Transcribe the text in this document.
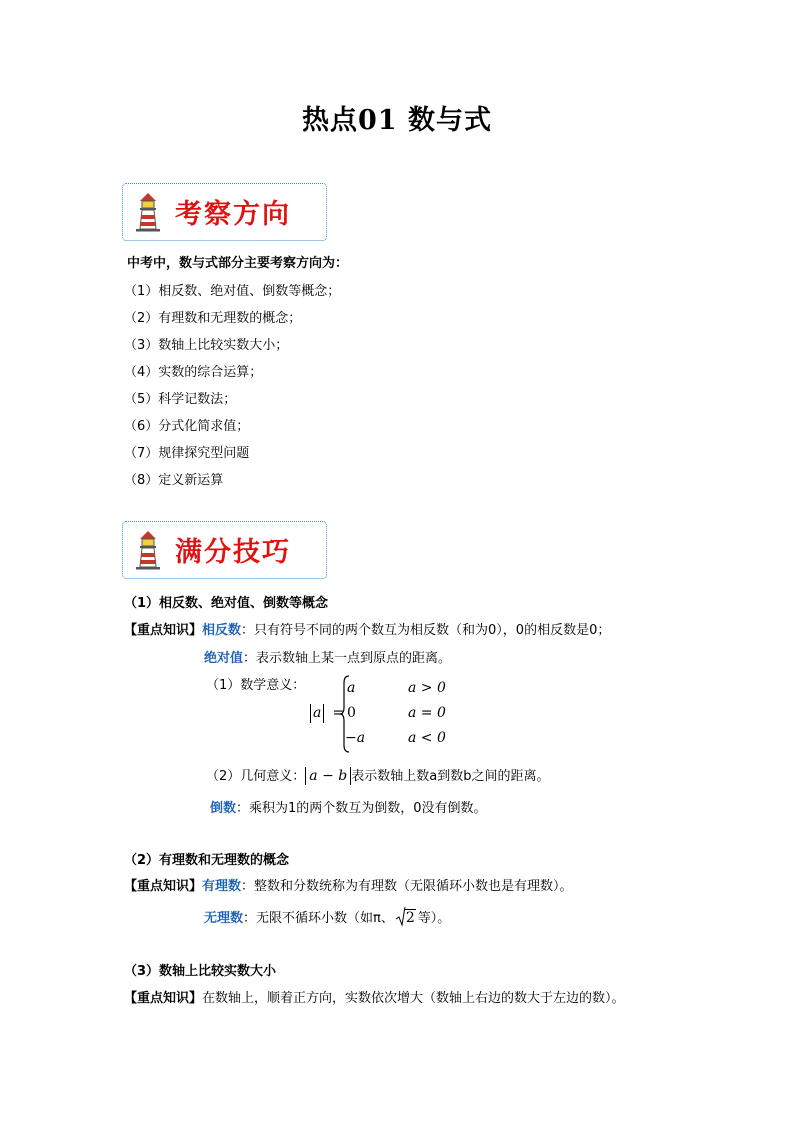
热点01 数与式
考察方向
中考中，数与式部分主要考察方向为：
（1）相反数、绝对值、倒数等概念；
（2）有理数和无理数的概念；
（3）数轴上比较实数大小；
（4）实数的综合运算；
（5）科学记数法；
（6）分式化简求值；
（7）规律探究型问题
（8）定义新运算
满分技巧
（1）相反数、绝对值、倒数等概念
【重点知识】相反数：只有符号不同的两个数互为相反数（和为0），0的相反数是0；
绝对值：表示数轴上某一点到原点的距离。
（1）数学意义：
a =
a	a > 0
0	a = 0
−a	a < 0
（2）几何意义： a − b 表示数轴上数a到数b之间的距离。
倒数：乘积为1的两个数互为倒数，0没有倒数。
（2）有理数和无理数的概念
【重点知识】有理数：整数和分数统称为有理数（无限循环小数也是有理数）。
无理数：无限不循环小数（如π、 2 等）。
（3）数轴上比较实数大小
【重点知识】在数轴上，顺着正方向，实数依次增大（数轴上右边的数大于左边的数）。
